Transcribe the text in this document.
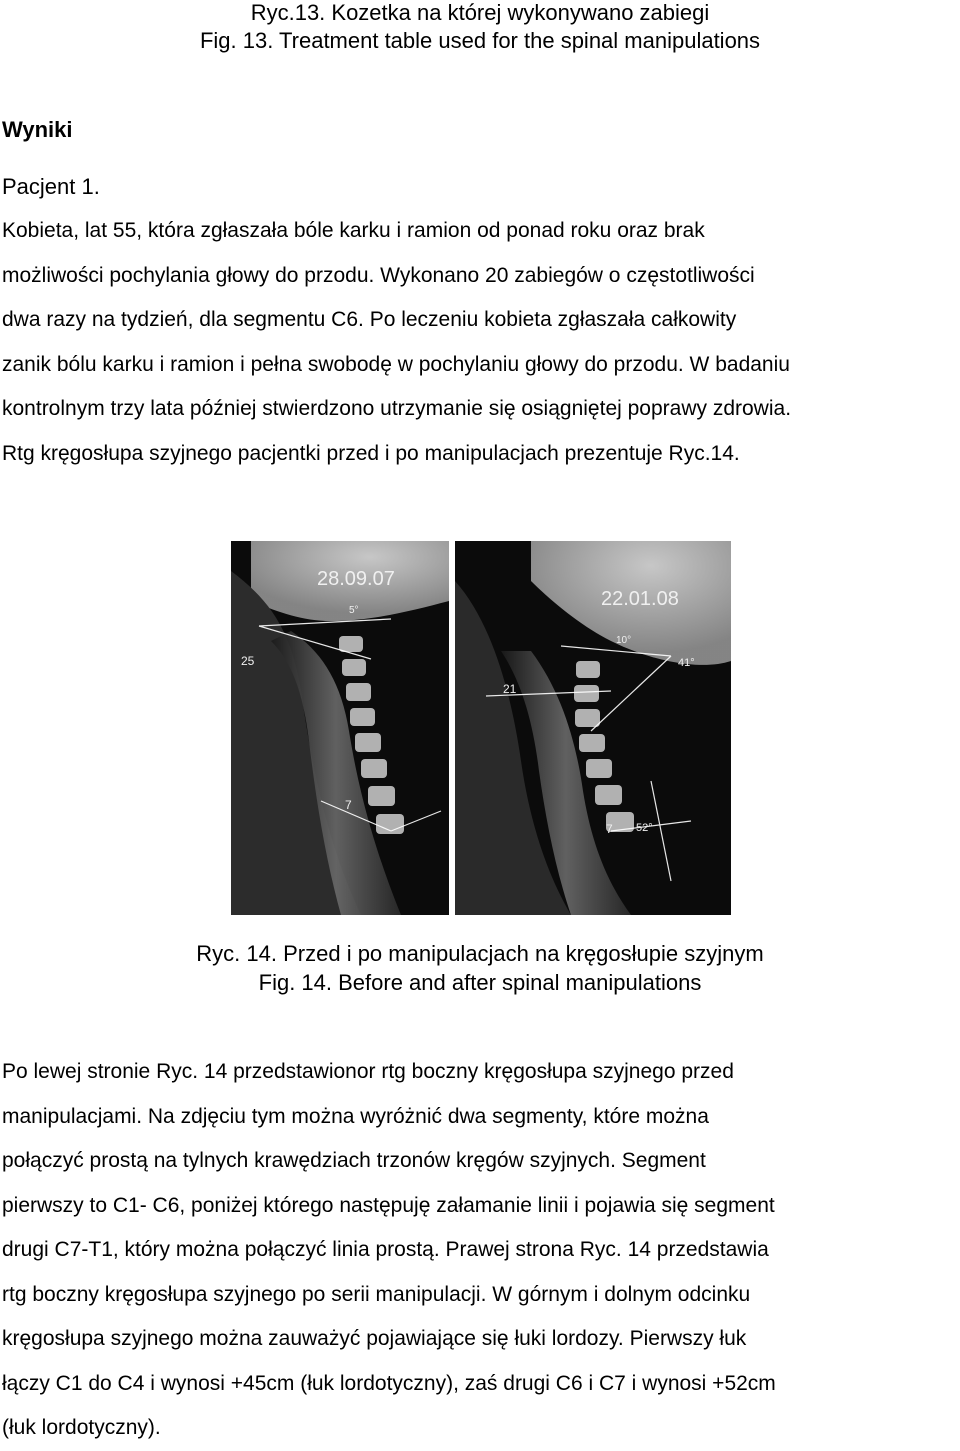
Ryc.13. Kozetka na której wykonywano zabiegi
Fig. 13. Treatment table used for the spinal manipulations
Wyniki
Pacjent 1.
Kobieta, lat 55, która zgłaszała bóle karku i ramion od ponad roku oraz brak
możliwości pochylania głowy do przodu. Wykonano 20 zabiegów o częstotliwości
dwa razy na tydzień, dla segmentu C6. Po leczeniu kobieta zgłaszała całkowity
zanik bólu karku i ramion i pełna swobodę w pochylaniu głowy do przodu. W badaniu
kontrolnym trzy lata później stwierdzono utrzymanie się osiągniętej poprawy zdrowia.
Rtg kręgosłupa szyjnego pacjentki przed i po manipulacjach prezentuje Ryc.14.
28.09.07
5°
25
7
22.01.08
10°
41°
21
7 52°
Ryc. 14. Przed i po manipulacjach na kręgosłupie szyjnym
Fig. 14. Before and after spinal manipulations
Po lewej stronie Ryc. 14 przedstawionor rtg boczny kręgosłupa szyjnego przed
manipulacjami. Na zdjęciu tym można wyróżnić dwa segmenty, które można
połączyć prostą na tylnych krawędziach trzonów kręgów szyjnych. Segment
pierwszy to C1- C6, poniżej którego następuję załamanie linii i pojawia się segment
drugi C7-T1, który można połączyć linia prostą. Prawej strona Ryc. 14 przedstawia
rtg boczny kręgosłupa szyjnego po serii manipulacji. W górnym i dolnym odcinku
kręgosłupa szyjnego można zauważyć pojawiające się łuki lordozy. Pierwszy łuk
łączy C1 do C4 i wynosi +45cm (łuk lordotyczny), zaś drugi C6 i C7 i wynosi +52cm
(łuk lordotyczny).
